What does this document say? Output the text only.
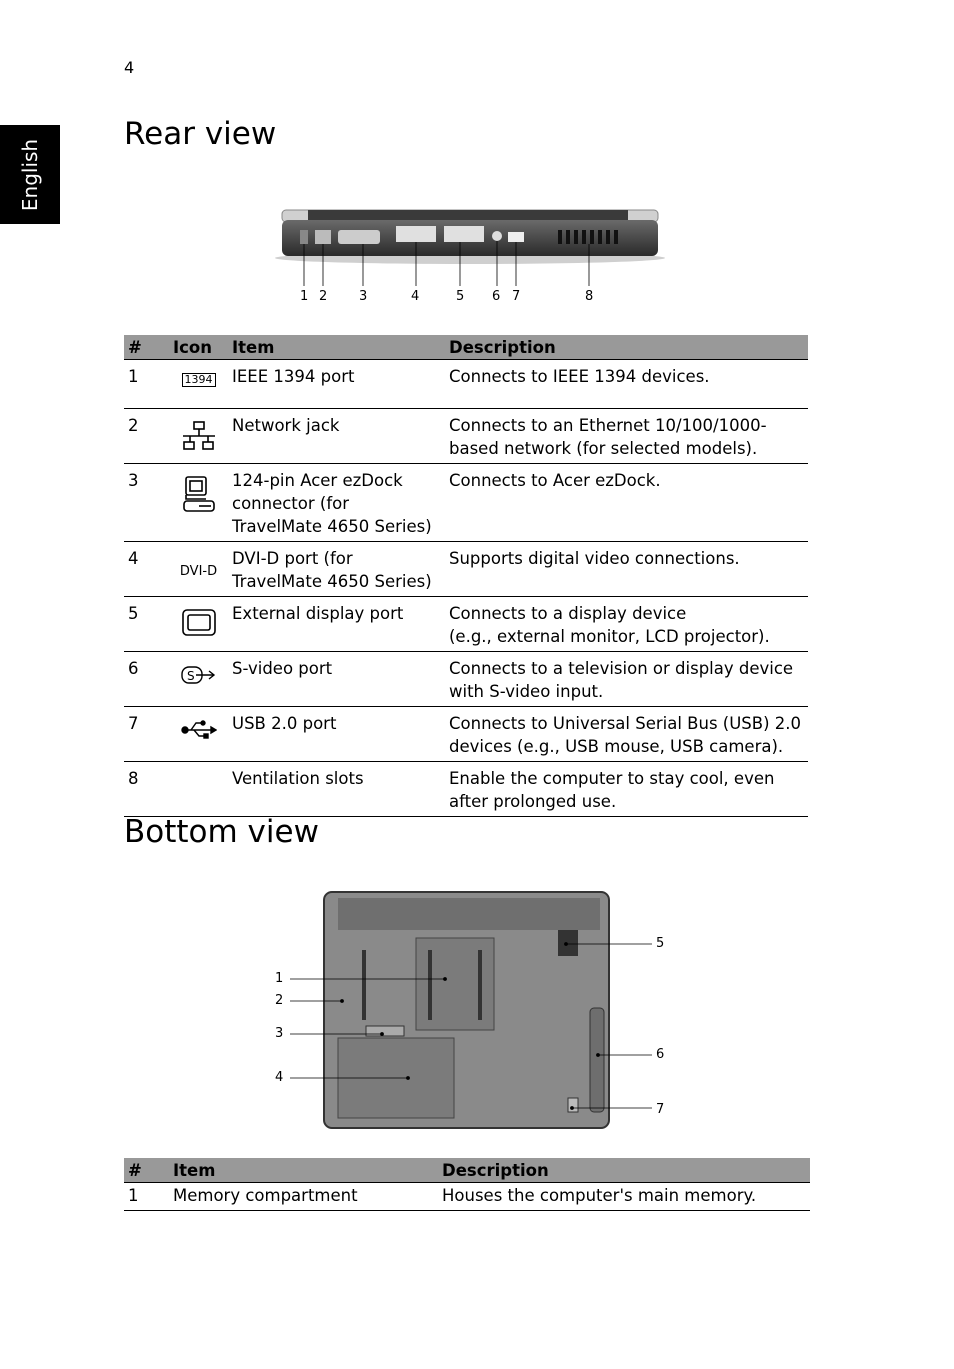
4
English
Rear view
1 2 3	4	5 6 7	8
#	Icon	Item	Description
1	1394	IEEE 1394 port	Connects to IEEE 1394 devices.

2		Network jack	Connects to an Ethernet 10/100/1000-
based network (for selected models).

3		124-pin Acer ezDock
connector (for
TravelMate 4650 Series)	Connects to Acer ezDock.

4	DVI-D	DVI-D port (for
TravelMate 4650 Series)	Supports digital video connections.

5		External display port	Connects to a display device
(e.g., external monitor, LCD projector).

6	S	S-video port	Connects to a television or display device
with S-video input.

7		USB 2.0 port	Connects to Universal Serial Bus (USB) 2.0
devices (e.g., USB mouse, USB camera).

8		Ventilation slots	Enable the computer to stay cool, even
after prolonged use.
Bottom view
1
2
3
4
5
6
7
#	Item	Description
1	Memory compartment	Houses the computer's main memory.
